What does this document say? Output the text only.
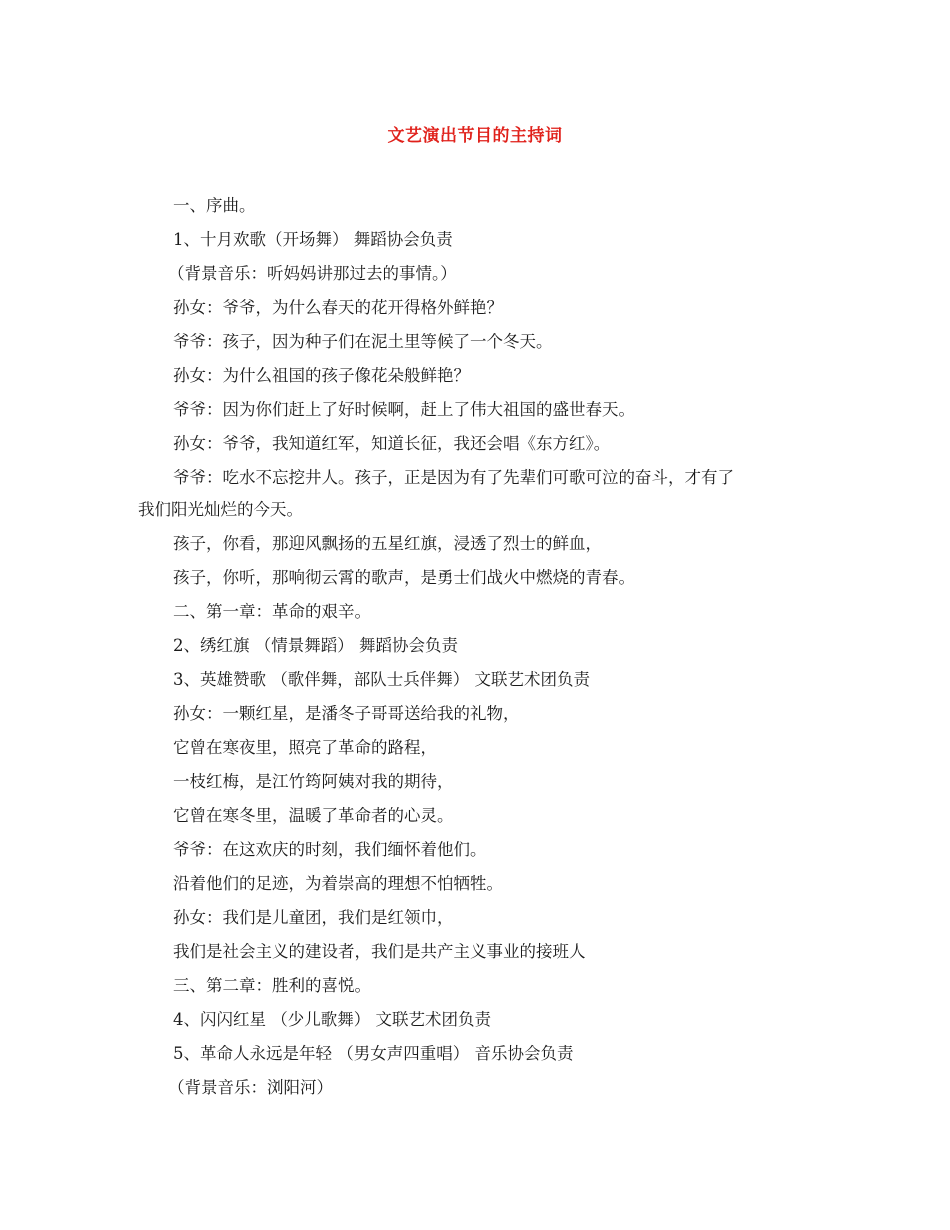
文艺演出节目的主持词
一、序曲。
1、十月欢歌（开场舞） 舞蹈协会负责
（背景音乐：听妈妈讲那过去的事情。）
孙女：爷爷，为什么春天的花开得格外鲜艳？
爷爷：孩子，因为种子们在泥土里等候了一个冬天。
孙女：为什么祖国的孩子像花朵般鲜艳？
爷爷：因为你们赶上了好时候啊，赶上了伟大祖国的盛世春天。
孙女：爷爷，我知道红军，知道长征，我还会唱《东方红》。
爷爷：吃水不忘挖井人。孩子，正是因为有了先辈们可歌可泣的奋斗，才有了
我们阳光灿烂的今天。
孩子，你看，那迎风飘扬的五星红旗，浸透了烈士的鲜血，
孩子，你听，那响彻云霄的歌声，是勇士们战火中燃烧的青春。
二、第一章：革命的艰辛。
2、绣红旗 （情景舞蹈） 舞蹈协会负责
3、英雄赞歌 （歌伴舞，部队士兵伴舞） 文联艺术团负责
孙女：一颗红星，是潘冬子哥哥送给我的礼物，
它曾在寒夜里，照亮了革命的路程，
一枝红梅，是江竹筠阿姨对我的期待，
它曾在寒冬里，温暖了革命者的心灵。
爷爷：在这欢庆的时刻，我们缅怀着他们。
沿着他们的足迹，为着崇高的理想不怕牺牲。
孙女：我们是儿童团，我们是红领巾，
我们是社会主义的建设者，我们是共产主义事业的接班人
三、第二章：胜利的喜悦。
4、闪闪红星 （少儿歌舞） 文联艺术团负责
5、革命人永远是年轻 （男女声四重唱） 音乐协会负责
（背景音乐：浏阳河）
